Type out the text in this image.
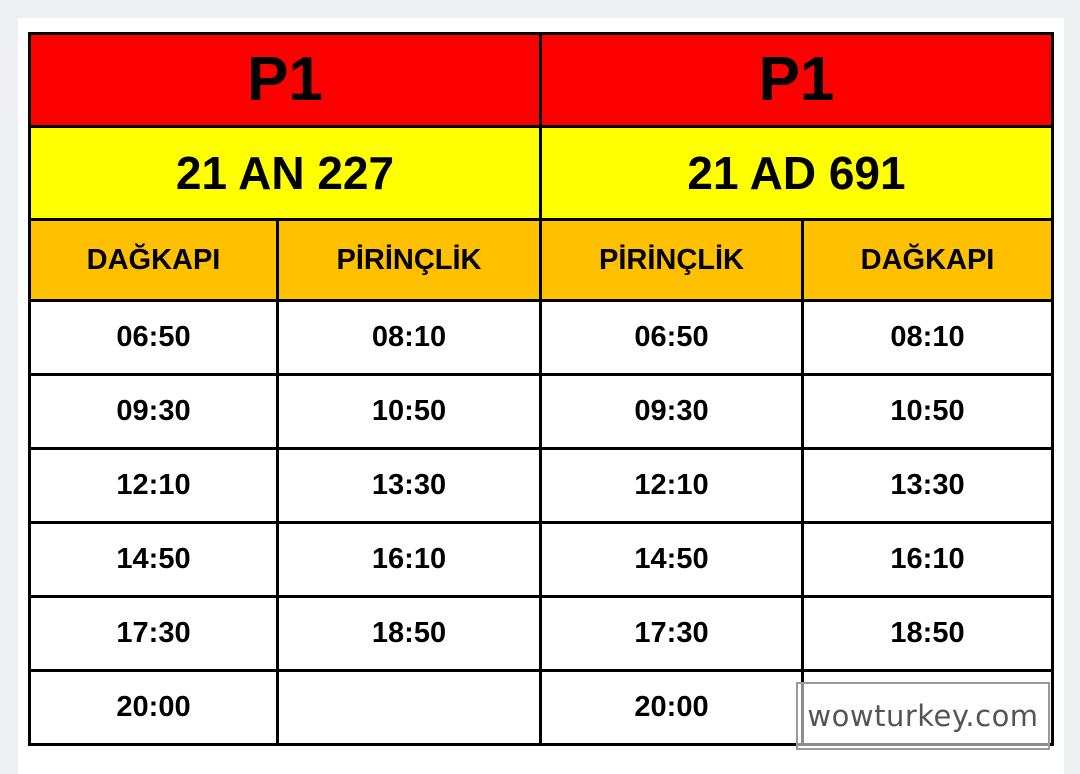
P1		P1	
21 AN 227		21 AD 691	
DAĞKAPI	PİRİNÇLİK	PİRİNÇLİK	DAĞKAPI
06:50	08:10	06:50	08:10
09:30	10:50	09:30	10:50
12:10	13:30	12:10	13:30
14:50	16:10	14:50	16:10
17:30	18:50	17:30	18:50
20:00		20:00		wowturkey.com
